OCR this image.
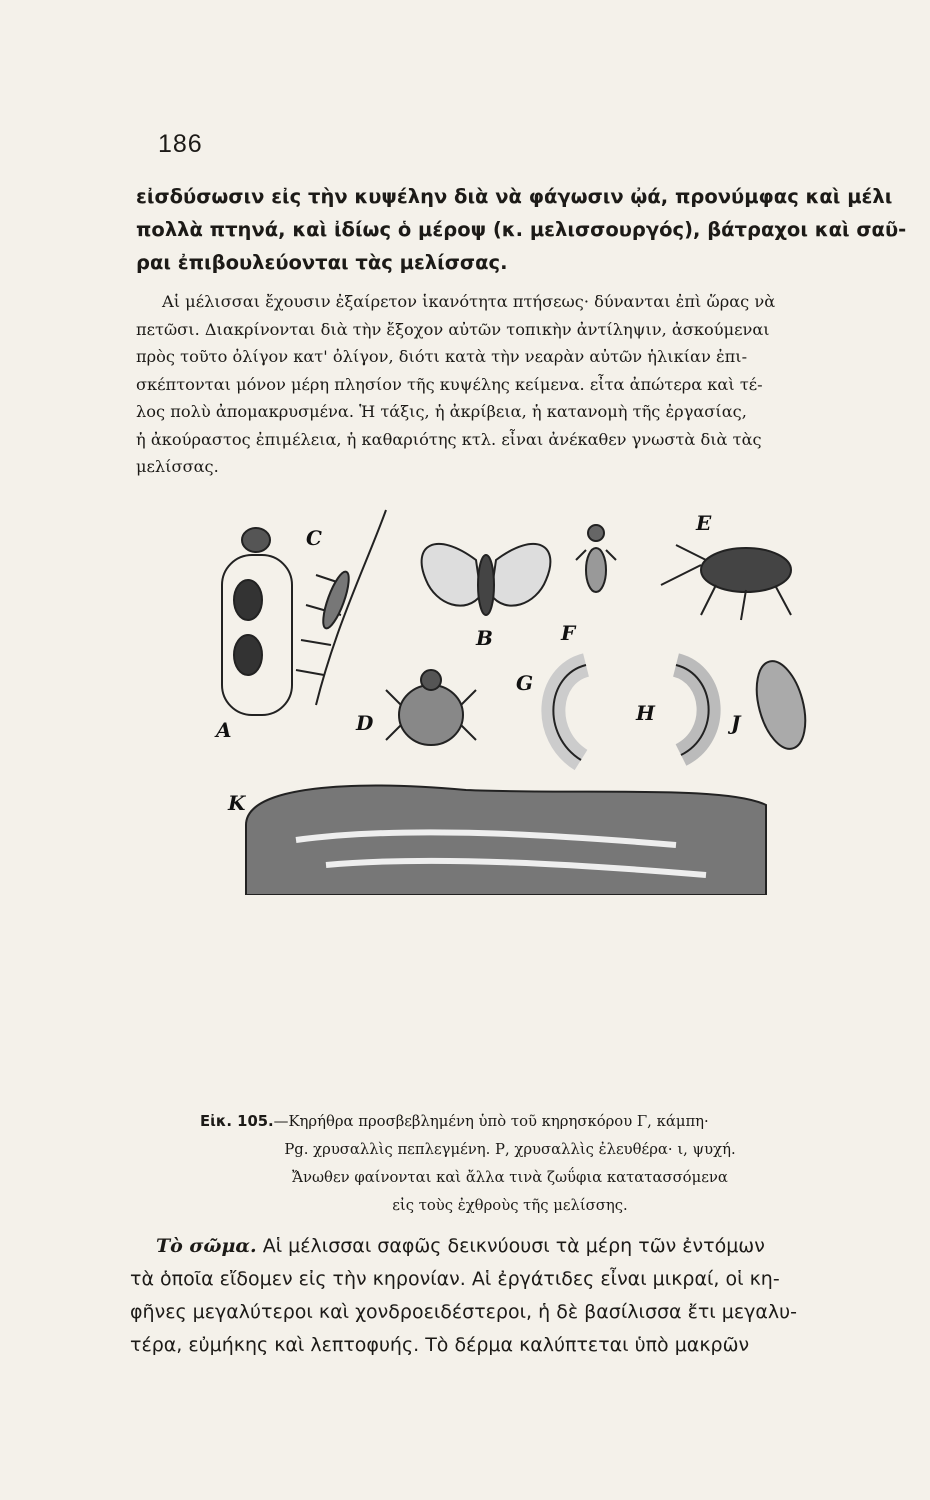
186
εἰσδύσωσιν εἰς τὴν κυψέλην διὰ νὰ φάγωσιν ᾠά, προνύμφας καὶ μέλι
πολλὰ πτηνά, καὶ ἰδίως ὁ μέροψ (κ. μελισσουργός), βάτραχοι καὶ σαῦ-
ραι ἐπιβουλεύονται τὰς μελίσσας.
Αἱ μέλισσαι ἔχουσιν ἐξαίρετον ἱκανότητα πτήσεως· δύνανται ἐπὶ ὥρας νὰ
πετῶσι. Διακρίνονται διὰ τὴν ἔξοχον αὐτῶν τοπικὴν ἀντίληψιν, ἀσκούμεναι
πρὸς τοῦτο ὀλίγον κατ' ὀλίγον, διότι κατὰ τὴν νεαρὰν αὐτῶν ἡλικίαν ἐπι-
σκέπτονται μόνον μέρη πλησίον τῆς κυψέλης κείμενα. εἶτα ἀπώτερα καὶ τέ-
λος πολὺ ἀπομακρυσμένα. Ἡ τάξις, ἡ ἀκρίβεια, ἡ κατανομὴ τῆς ἐργασίας,
ἡ ἀκούραστος ἐπιμέλεια, ἡ καθαριότης κτλ. εἶναι ἀνέκαθεν γνωστὰ διὰ τὰς
μελίσσας.
A
C
B	F
E
D
G
H	J
K
Εἰκ. 105.—Κηρήθρα προσβεβλημένη ὑπὸ τοῦ κηρησκόρου Γ, κάμπη·
Pg. χρυσαλλὶς πεπλεγμένη. Ρ, χρυσαλλὶς ἐλευθέρα· ι, ψυχή.
Ἄνωθεν φαίνονται καὶ ἄλλα τινὰ ζωΰφια κατατασσόμενα
εἰς τοὺς ἐχθροὺς τῆς μελίσσης.
Τὸ σῶμα. Αἱ μέλισσαι σαφῶς δεικνύουσι τὰ μέρη τῶν ἐντόμων
τὰ ὁποῖα εἴδομεν εἰς τὴν κηρονίαν. Αἱ ἐργάτιδες εἶναι μικραί, οἱ κη-
φῆνες μεγαλύτεροι καὶ χονδροειδέστεροι, ἡ δὲ βασίλισσα ἔτι μεγαλυ-
τέρα, εὐμήκης καὶ λεπτοφυής. Τὸ δέρμα καλύπτεται ὑπὸ μακρῶν
